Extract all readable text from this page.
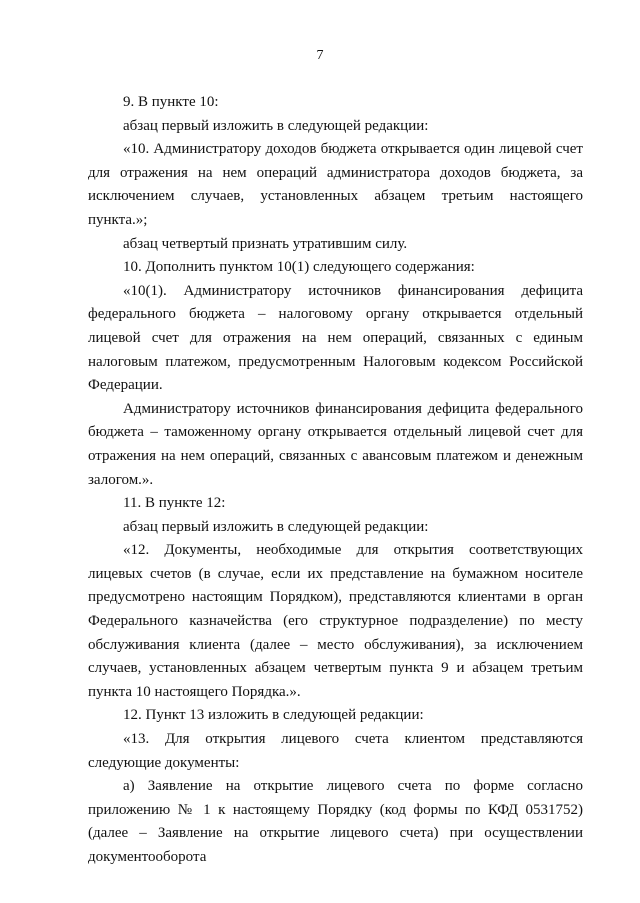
7

9. В пункте 10:

абзац первый изложить в следующей редакции:

«10. Администратору доходов бюджета открывается один лицевой счет для отражения на нем операций администратора доходов бюджета, за исключением случаев, установленных абзацем третьим настоящего пункта.»;

абзац четвертый признать утратившим силу.

10. Дополнить пунктом 10(1) следующего содержания:

«10(1). Администратору источников финансирования дефицита федерального бюджета – налоговому органу открывается отдельный лицевой счет для отражения на нем операций, связанных с единым налоговым платежом, предусмотренным Налоговым кодексом Российской Федерации.

Администратору источников финансирования дефицита федерального бюджета – таможенному органу открывается отдельный лицевой счет для отражения на нем операций, связанных с авансовым платежом и денежным залогом.».

11. В пункте 12:

абзац первый изложить в следующей редакции:

«12. Документы, необходимые для открытия соответствующих лицевых счетов (в случае, если их представление на бумажном носителе предусмотрено настоящим Порядком), представляются клиентами в орган Федерального казначейства (его структурное подразделение) по месту обслуживания клиента (далее – место обслуживания), за исключением случаев, установленных абзацем четвертым пункта 9 и абзацем третьим пункта 10 настоящего Порядка.».

12. Пункт 13 изложить в следующей редакции:

«13. Для открытия лицевого счета клиентом представляются следующие документы:

а) Заявление на открытие лицевого счета по форме согласно приложению № 1 к настоящему Порядку (код формы по КФД 0531752) (далее – Заявление на открытие лицевого счета) при осуществлении документооборота
